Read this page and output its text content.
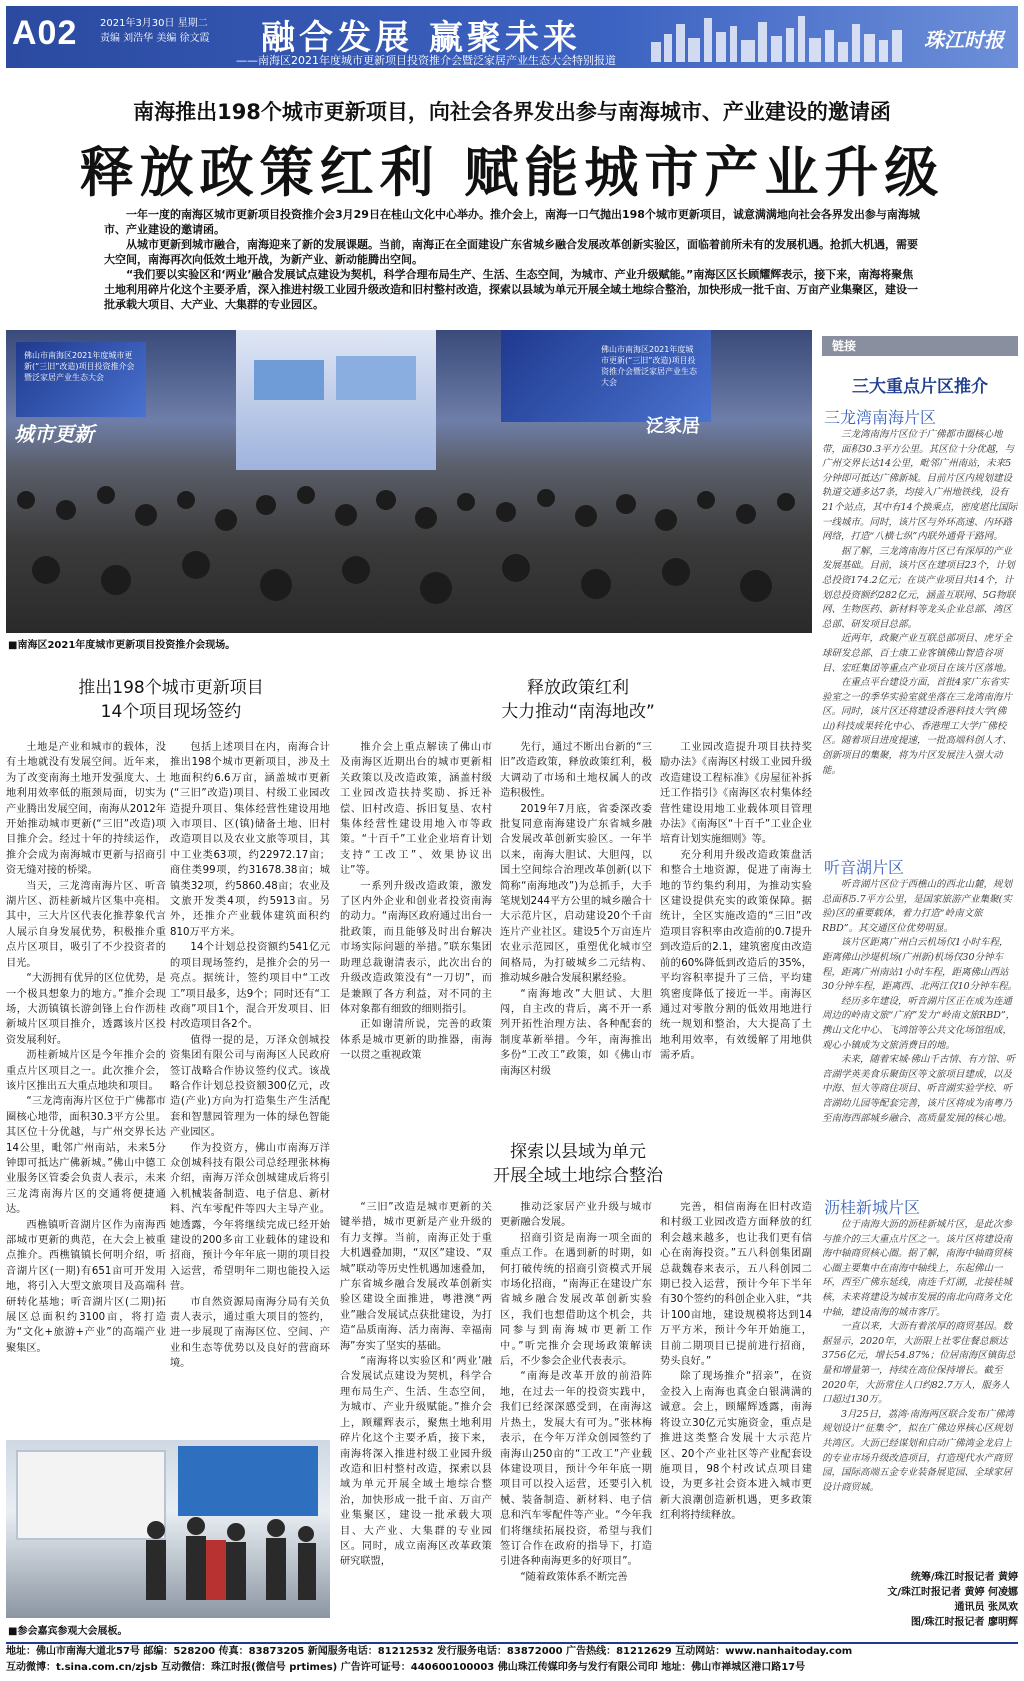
A02 2021年3月30日 星期二
责编 刘浩华 美编 徐文霞 融合发展 赢聚未来	珠江时报
——南海区2021年度城市更新项目投资推介会暨泛家居产业生态大会特别报道
南海推出198个城市更新项目，向社会各界发出参与南海城市、产业建设的邀请函
释放政策红利 赋能城市产业升级

一年一度的南海区城市更新项目投资推介会3月29日在桂山文化中心举办。推介会上，南海一口气抛出198个城市更新项目，诚意满满地向社会各界发出参与南海城市、产业建设的邀请函。

从城市更新到城市融合，南海迎来了新的发展课题。当前，南海正在全面建设广东省城乡融合发展改革创新实验区，面临着前所未有的发展机遇。抢抓大机遇，需要大空间，南海再次向低效土地开战，为新产业、新动能腾出空间。

“我们要以实验区和‘两业’融合发展试点建设为契机，科学合理布局生产、生活、生态空间，为城市、产业升级赋能。”南海区区长顾耀辉表示，接下来，南海将聚焦土地利用碎片化这个主要矛盾，深入推进村级工业园升级改造和旧村整村改造，探索以县域为单元开展全域土地综合整治，加快形成一批千亩、万亩产业集聚区，建设一批承载大项目、大产业、大集群的专业园区。

佛山市南海区2021年度城市更新(“三旧”改造)项目投资推介会暨泛家居产业生态大会
佛山市南海区2021年度城市更新(“三旧”改造)项目投资推介会暨泛家居产业生态大会
城市更新	泛家居
■南海区2021年度城市更新项目投资推介会现场。
链接
三大重点片区推介
三龙湾南海片区

三龙湾南海片区位于广佛都市圈核心地带，面积30.3平方公里。其区位十分优越，与广州交界长达14公里，毗邻广州南站，未来5分钟即可抵达广佛新城。目前片区内规划建设轨道交通多达7条，均接入广州地铁线，设有21个站点，其中有14个换乘点，密度堪比国际一线城市。同时，该片区与外环高速、内环路网络，打造“八横七纵”内联外通骨干路网。

据了解，三龙湾南海片区已有深厚的产业发展基础。目前，该片区在建项目23个，计划总投资174.2亿元；在谈产业项目共14个，计划总投资额约282亿元，涵盖互联网、5G物联网、生物医药、新材料等龙头企业总部、湾区总部、研发项目总部。

近两年，政聚产业互联总部项目、虎牙全球研发总部、百士康工业客镇佛山智造谷项目、宏旺集团等重点产业项目在该片区落地。

在重点平台建设方面，首批4家广东省实验室之一的季华实验室就坐落在三龙湾南海片区。同时，该片区还将建设香港科技大学(佛山)科技成果转化中心、香港理工大学广佛校区。随着项目进度提速，一批高端科创人才、创新项目的集聚，将为片区发展注入强大动能。

听音湖片区

听音湖片区位于西樵山的西北山麓，规划总面积5.7平方公里，是国家旅游产业集聚(实验)区的重要载体，着力打造“岭南文旅RBD”。其交通区位优势明显。

该片区距离广州白云机场仅1小时车程，距离佛山沙堤机场(广州新)机场仅30分钟车程，距离广州南站1小时车程，距离佛山西站30分钟车程，距离西、北两江仅10分钟车程。

经历多年建设，听音湖片区正在成为连通周边的岭南文旅“广府”发力“岭南文旅RBD”，携山文化中心、飞鸿馆等公共文化场馆组成，观心小镇成为文旅消费目的地。

未来，随着宋城·佛山千古情、有方馆、听音湖学英美食乐聚街区等文旅项目建成，以及中海、恒大等商住项目、听音湖实验学校、听音湖幼儿园等配套完善，该片区将成为南粤乃至南海西部城乡融合、高质量发展的核心地。

沥桂新城片区

位于南海大沥的沥桂新城片区，是此次参与推介的三大重点片区之一。该片区将建设南海中轴商贸核心圈。据了解，南海中轴商贸核心圈主要集中在南海中轴线上，东起佛山一环，西至广佛东延线，南连千灯湖，北接桂城核，未来将建设为城市发展的南北向商务文化中轴，建设南海的城市客厅。

一直以来，大沥有着浓厚的商贸基因。数据显示，2020年，大沥限上社零住餐总额达3756亿元，增长54.87%；位居南海区镇街总量和增量第一，持续在高位保持增长。截至2020年，大沥常住人口约82.7万人，服务人口超过130万。

3月25日，荔湾·南海两区联合发布广佛湾规划设计“征集令”，拟在广佛边界核心区规划共湾区。大沥已经谋划和启动广佛湾金龙启上的专业市场升级改造项目，打造现代水产商贸园，国际高端五金专业装备展览园、全球家居设计商贸城。

统筹/珠江时报记者 黄婷
文/珠江时报记者 黄婷 何凌娜
通讯员 张凤欢
图/珠江时报记者 廖明辉
推出198个城市更新项目
14个项目现场签约

土地是产业和城市的载体，没有土地就没有发展空间。近年来，为了改变南海土地开发强度大、土地利用效率低的瓶颈局面，切实为产业腾出发展空间，南海从2012年开始推动城市更新(“三旧”改造)项目推介会。经过十年的持续运作，推介会成为南海城市更新与招商引资无缝对接的桥梁。

当天，三龙湾南海片区、听音湖片区、沥桂新城片区集中亮相。其中，三大片区代表化推荐象代言人展示自身发展优势，积极推介重点片区项目，吸引了不少投资者的目光。

“大沥拥有优异的区位优势，是一个极具想象力的地方。”推介会现场，大沥镇镇长游剑锋上台作沥桂新城片区项目推介，透露该片区投资发展利好。

沥桂新城片区是今年推介会的重点片区项目之一。此次推介会，该片区推出五大重点地块和项目。

“三龙湾南海片区位于广佛都市圈核心地带，面积30.3平方公里。其区位十分优越，与广州交界长达14公里，毗邻广州南站，未来5分钟即可抵达广佛新城。”佛山中德工业服务区管委会负责人表示，未来三龙湾南海片区的交通将便捷通达。

西樵镇听音湖片区作为南海西部城市更新的典范，在大会上被重点推介。西樵镇镇长何明介绍，听音湖片区(一期)有651亩可开发用地，将引入大型文旅项目及高端科研转化基地；听音湖片区(二期)拓展区总面积约3100亩，将打造为“文化+旅游+产业”的高端产业聚集区。

包括上述项目在内，南海合计推出198个城市更新项目，涉及土地面积约6.6万亩，涵盖城市更新(“三旧”改造)项目、村级工业园改造提升项目、集体经营性建设用地入市项目、区(镇)储备土地、旧村改造项目以及农业文旅等项目，其中工业类63项，约22972.17亩；商住类99项，约31678.38亩；城镇类32项，约5860.48亩；农业及文旅开发类4项，约5913亩。另外，还推介产业载体建筑面积约810万平方米。

14个计划总投资额约541亿元的项目现场签约，是推介会的另一亮点。据统计，签约项目中“工改工”项目最多，达9个；同时还有“工改商”项目1个，混合开发项目、旧村改造项目各2个。

值得一提的是，万泽众创城投资集团有限公司与南海区人民政府签订战略合作协议签约仪式。该战略合作计划总投资额300亿元，改造(产业)方向为打造集生产生活配套和智慧园管理为一体的绿色智能产业园区。

作为投资方，佛山市南海万洋众创城科技有限公司总经理张林梅介绍，南海万洋众创城建成后将引入机械装备制造、电子信息、新材料、汽车零配件等四大主导产业。她透露，今年将继续完成已经开始建设的200多亩工业载体的建设和招商，预计今年年底一期的项目投入运营，希望明年二期也能投入运营。

市自然资源局南海分局有关负责人表示，通过重大项目的签约，进一步展现了南海区位、空间、产业和生态等优势以及良好的营商环境。

释放政策红利
大力推动“南海地改”

推介会上重点解读了佛山市及南海区近期出台的城市更新相关政策以及改造政策，涵盖村级工业园改造扶持奖励、拆迁补偿、旧村改造、拆旧复垦、农村集体经营性建设用地入市等政策。“十百千”工业企业培育计划支持“工改工”、效果协议出让”等。

一系列升级改造政策，激发了区内外企业和创业者投资南海的动力。“南海区政府通过出台一批政策，而且能够及时出台解决市场实际问题的举措。”联东集团助理总裁谢清表示，此次出台的升级改造政策没有“一刀切”，而是兼顾了各方利益，对不同的主体对象都有细致的细则指引。

正如谢清所说，完善的政策体系是城市更新的助推器，南海一以贯之重视政策

先行，通过不断出台新的“三旧”改造政策，释放政策红利，极大调动了市场和土地权属人的改造积极性。

2019年7月底，省委深改委批复同意南海建设广东省城乡融合发展改革创新实验区。一年半以来，南海大胆试、大胆闯，以国土空间综合治理改革创新(以下简称“南海地改”)为总抓手，大手笔规划244平方公里的城乡融合十大示范片区，启动建设20个千亩连片产业社区。建设5个万亩连片农业示范园区，重塑优化城市空间格局，为打破城乡二元结构、推动城乡融合发展积累经验。

“南海地改”大胆试、大胆闯，自主改的背后，离不开一系列开拓性治理方法、各种配套的制度革新举措。今年，南海推出多份“工改工”政策，如《佛山市南海区村级

工业园改造提升项目扶持奖励办法》《南海区村级工业园升级改造建设工程标准》《房屋征补拆迁工作指引》《南海区农村集体经营性建设用地工业载体项目管理办法》《南海区“十百千”工业企业培育计划实施细则》等。

充分利用升级改造政策盘活和整合土地资源，促进了南海土地的节约集约利用，为推动实验区建设提供充实的政策保障。据统计，全区实施改造的“三旧”改造项目容积率由改造前的0.7提升到改造后的2.1，建筑密度由改造前的60%降低到改造后的35%，平均容积率提升了三倍，平均建筑密度降低了接近一半。南海区通过对零散分割的低效用地进行统一规划和整治，大大提高了土地利用效率，有效缓解了用地供需矛盾。

探索以县域为单元
开展全域土地综合整治

“三旧”改造是城市更新的关键举措，城市更新是产业升级的有力支撑。当前，南海正处于重大机遇叠加期，“双区”建设、“双城”联动等历史性机遇加速叠加，广东省城乡融合发展改革创新实验区建设全面推进，粤港澳“两业”融合发展试点获批建设，为打造“品质南海、活力南海、幸福南海”夯实了坚实的基础。

“南海将以实验区和‘两业’融合发展试点建设为契机，科学合理布局生产、生活、生态空间，为城市、产业升级赋能。”推介会上，顾耀辉表示，聚焦土地利用碎片化这个主要矛盾，接下来，南海将深入推进村级工业园升级改造和旧村整村改造，探索以县域为单元开展全域土地综合整治，加快形成一批千亩、万亩产业集聚区，建设一批承载大项目、大产业、大集群的专业园区。同时，成立南海区改革政策研究联盟，

推动泛家居产业升级与城市更新融合发展。

招商引资是南海一项全面的重点工作。在遇到新的时期，如何打破传统的招商引资模式开展市场化招商，“南海正在建设广东省城乡融合发展改革创新实验区，我们也想借助这个机会，共同参与到南海城市更新工作中。”听完推介会现场政策解读后，不少参会企业代表表示。

“南海是改革开放的前沿阵地，在过去一年的投资实践中，我们已经深深感受到，在南海这片热土，发展大有可为。”张林梅表示，在今年万洋众创园签约了南海山250亩的“工改工”产业载体建设项目，预计今年年底一期项目可以投入运营，还要引入机械、装备制造、新材料、电子信息和汽车零配件等产业。“今年我们将继续拓展投资，希望与我们签订合作在政府的指导下，打造引进各种南海更多的好项目”。

“随着政策体系不断完善

完善，相信南海在旧村改造和村级工业园改造方面释放的红利会越来越多，也让我们更有信心在南海投资。”五八科创集团副总裁魏春来表示，五八科创园二期已投入运营，预计今年下半年有30个签约的科创企业入驻，“共计100亩地，建设规模将达到14万平方米，预计今年开始施工，目前二期项目已提前进行招商，势头良好。”

除了现场推介“招亲”，在资金投入上南海也真金白银满满的诚意。会上，顾耀辉透露，南海将设立30亿元实施资金，重点是推进这类整合发展十大示范片区、20个产业社区等产业配套设施项目，98个村改试点项目建设，为更多社会资本进入城市更新大浪潮创造新机遇，更多政策红利将持续释放。

■参会嘉宾参观大会展板。
地址：佛山市南海大道北57号 邮编：528200 传真：83873205 新闻服务电话：81212532 发行服务电话：83872000 广告热线：81212629 互动网站：www.nanhaitoday.com
互动微博：t.sina.com.cn/zjsb 互动微信：珠江时报(微信号 prtimes) 广告许可证号：440600100003 佛山珠江传媒印务与发行有限公司印 地址：佛山市禅城区港口路17号
